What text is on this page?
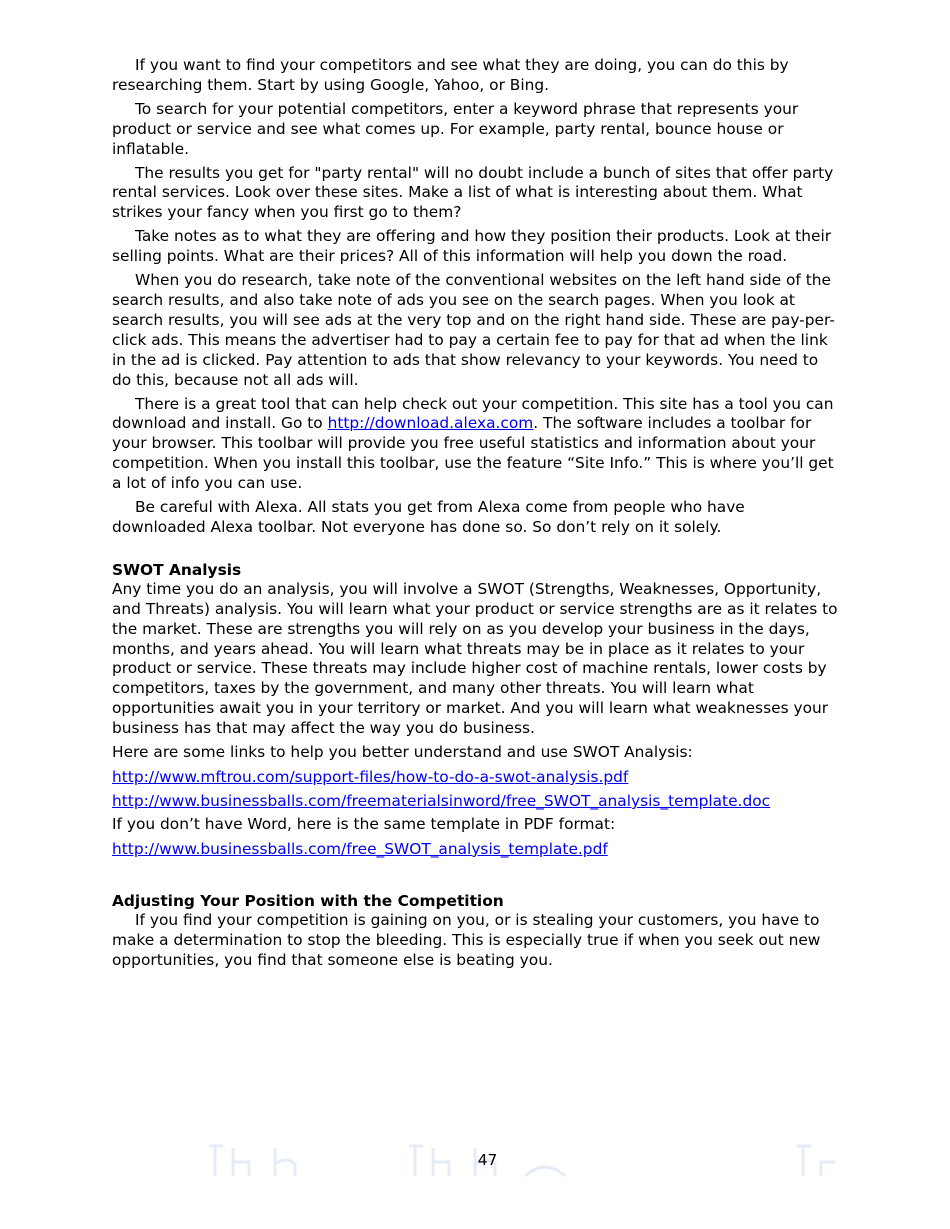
If you want to find your competitors and see what they are doing, you can do this by researching them. Start by using Google, Yahoo, or Bing.

To search for your potential competitors, enter a keyword phrase that represents your product or service and see what comes up. For example, party rental, bounce house or inflatable.

The results you get for "party rental" will no doubt include a bunch of sites that offer party rental services. Look over these sites. Make a list of what is interesting about them. What strikes your fancy when you first go to them?

Take notes as to what they are offering and how they position their products. Look at their selling points. What are their prices? All of this information will help you down the road.

When you do research, take note of the conventional websites on the left hand side of the search results, and also take note of ads you see on the search pages. When you look at search results, you will see ads at the very top and on the right hand side. These are pay-per-click ads. This means the advertiser had to pay a certain fee to pay for that ad when the link in the ad is clicked. Pay attention to ads that show relevancy to your keywords. You need to do this, because not all ads will.

There is a great tool that can help check out your competition. This site has a tool you can download and install. Go to http://download.alexa.com. The software includes a toolbar for your browser. This toolbar will provide you free useful statistics and information about your competition. When you install this toolbar, use the feature “Site Info.” This is where you’ll get a lot of info you can use.

Be careful with Alexa. All stats you get from Alexa come from people who have downloaded Alexa toolbar. Not everyone has done so. So don’t rely on it solely.

SWOT Analysis

Any time you do an analysis, you will involve a SWOT (Strengths, Weaknesses, Opportunity, and Threats) analysis. You will learn what your product or service strengths are as it relates to the market. These are strengths you will rely on as you develop your business in the days, months, and years ahead. You will learn what threats may be in place as it relates to your product or service. These threats may include higher cost of machine rentals, lower costs by competitors, taxes by the government, and many other threats. You will learn what opportunities await you in your territory or market. And you will learn what weaknesses your business has that may affect the way you do business.

Here are some links to help you better understand and use SWOT Analysis:

http://www.mftrou.com/support-files/how-to-do-a-swot-analysis.pdf

http://www.businessballs.com/freematerialsinword/free_SWOT_analysis_template.doc

If you don’t have Word, here is the same template in PDF format:

http://www.businessballs.com/free_SWOT_analysis_template.pdf

Adjusting Your Position with the Competition

If you find your competition is gaining on you, or is stealing your customers, you have to make a determination to stop the bleeding. This is especially true if when you seek out new opportunities, you find that someone else is beating you.

47
